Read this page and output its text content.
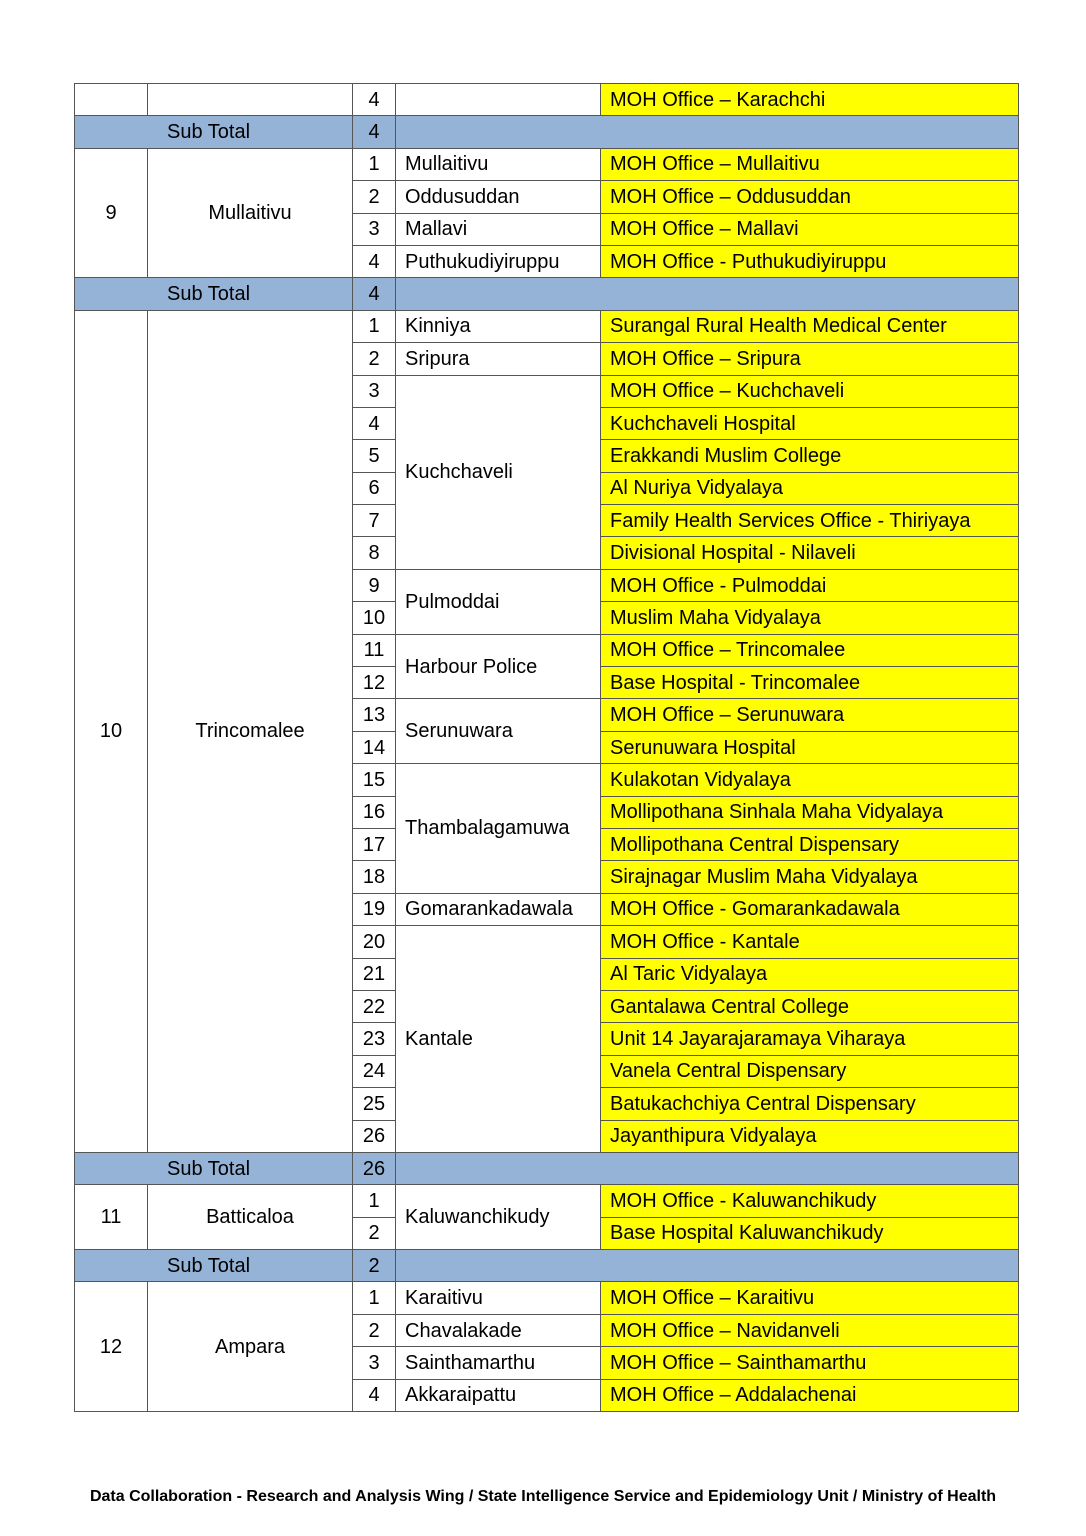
		4		MOH Office – Karachchi
Sub Total		4		
9	Mullaitivu	1	Mullaitivu	MOH Office – Mullaitivu
		2	Oddusuddan	MOH Office – Oddusuddan
		3	Mallavi	MOH Office – Mallavi
		4	Puthukudiyiruppu	MOH Office - Puthukudiyiruppu
Sub Total		4		
10	Trincomalee	1	Kinniya	Surangal Rural Health Medical Center
		2	Sripura	MOH Office – Sripura
		3	Kuchchaveli	MOH Office – Kuchchaveli
		4		Kuchchaveli Hospital
		5		Erakkandi Muslim College
		6		Al Nuriya Vidyalaya
		7		Family Health Services Office - Thiriyaya
		8		Divisional Hospital - Nilaveli
		9	Pulmoddai	MOH Office - Pulmoddai
		10		Muslim Maha Vidyalaya
		11	Harbour Police	MOH Office – Trincomalee
		12		Base Hospital - Trincomalee
		13	Serunuwara	MOH Office – Serunuwara
		14		Serunuwara Hospital
		15	Thambalagamuwa	Kulakotan Vidyalaya
		16		Mollipothana Sinhala Maha Vidyalaya
		17		Mollipothana Central Dispensary
		18		Sirajnagar Muslim Maha Vidyalaya
		19	Gomarankadawala	MOH Office - Gomarankadawala
		20	Kantale	MOH Office - Kantale
		21		Al Taric Vidyalaya
		22		Gantalawa Central College
		23		Unit 14 Jayarajaramaya Viharaya
		24		Vanela Central Dispensary
		25		Batukachchiya Central Dispensary
		26		Jayanthipura Vidyalaya
Sub Total		26		
11	Batticaloa	1	Kaluwanchikudy	MOH Office - Kaluwanchikudy
		2		Base Hospital Kaluwanchikudy
Sub Total		2		
12	Ampara	1	Karaitivu	MOH Office – Karaitivu
		2	Chavalakade	MOH Office – Navidanveli
		3	Sainthamarthu	MOH Office – Sainthamarthu
		4	Akkaraipattu	MOH Office – Addalachenai
Data Collaboration - Research and Analysis Wing / State Intelligence Service and Epidemiology Unit / Ministry of Health
